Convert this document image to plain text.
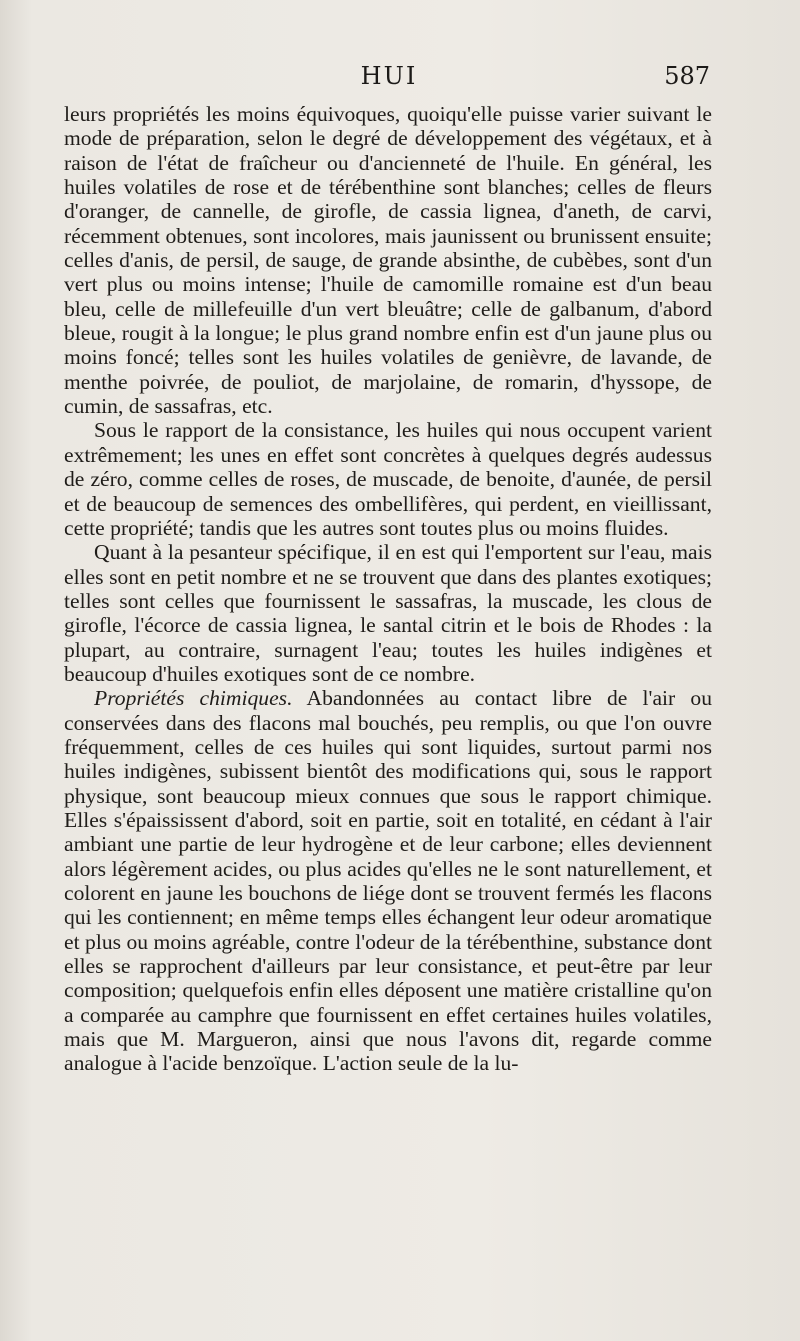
HUI	587

leurs propriétés les moins équivoques, quoiqu'elle puisse varier suivant le mode de préparation, selon le degré de développement des végétaux, et à raison de l'état de fraîcheur ou d'ancienneté de l'huile. En général, les huiles volatiles de rose et de térébenthine sont blanches; celles de fleurs d'oranger, de cannelle, de girofle, de cassia lignea, d'aneth, de carvi, récemment obtenues, sont incolores, mais jaunissent ou brunissent ensuite; celles d'anis, de persil, de sauge, de grande absinthe, de cubèbes, sont d'un vert plus ou moins intense; l'huile de camomille romaine est d'un beau bleu, celle de millefeuille d'un vert bleuâtre; celle de galbanum, d'abord bleue, rougit à la longue; le plus grand nombre enfin est d'un jaune plus ou moins foncé; telles sont les huiles volatiles de genièvre, de lavande, de menthe poivrée, de pouliot, de marjolaine, de romarin, d'hyssope, de cumin, de sassafras, etc.

Sous le rapport de la consistance, les huiles qui nous occupent varient extrêmement; les unes en effet sont concrètes à quelques degrés audessus de zéro, comme celles de roses, de muscade, de benoite, d'aunée, de persil et de beaucoup de semences des ombellifères, qui perdent, en vieillissant, cette propriété; tandis que les autres sont toutes plus ou moins fluides.

Quant à la pesanteur spécifique, il en est qui l'emportent sur l'eau, mais elles sont en petit nombre et ne se trouvent que dans des plantes exotiques; telles sont celles que fournissent le sassafras, la muscade, les clous de girofle, l'écorce de cassia lignea, le santal citrin et le bois de Rhodes : la plupart, au contraire, surnagent l'eau; toutes les huiles indigènes et beaucoup d'huiles exotiques sont de ce nombre.

Propriétés chimiques. Abandonnées au contact libre de l'air ou conservées dans des flacons mal bouchés, peu remplis, ou que l'on ouvre fréquemment, celles de ces huiles qui sont liquides, surtout parmi nos huiles indigènes, subissent bientôt des modifications qui, sous le rapport physique, sont beaucoup mieux connues que sous le rapport chimique. Elles s'épaississent d'abord, soit en partie, soit en totalité, en cédant à l'air ambiant une partie de leur hydrogène et de leur carbone; elles deviennent alors légèrement acides, ou plus acides qu'elles ne le sont naturellement, et colorent en jaune les bouchons de liége dont se trouvent fermés les flacons qui les contiennent; en même temps elles échangent leur odeur aromatique et plus ou moins agréable, contre l'odeur de la térébenthine, substance dont elles se rapprochent d'ailleurs par leur consistance, et peut-être par leur composition; quelquefois enfin elles déposent une matière cristalline qu'on a comparée au camphre que fournissent en effet certaines huiles volatiles, mais que M. Margueron, ainsi que nous l'avons dit, regarde comme analogue à l'acide benzoïque. L'action seule de la lu-
